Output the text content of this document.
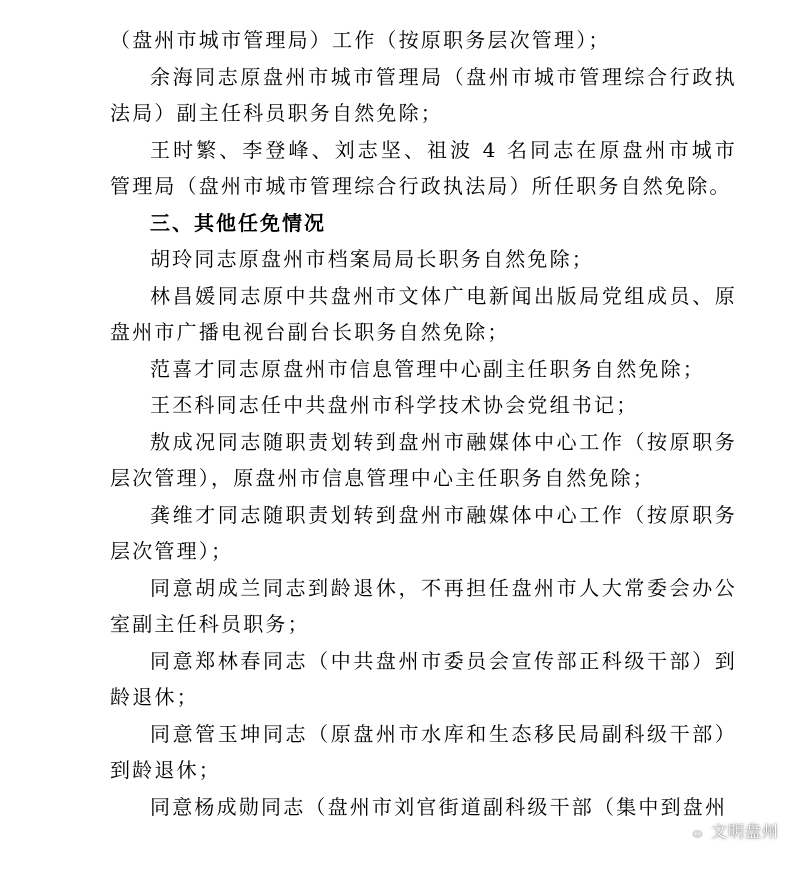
（盘州市城市管理局）工作（按原职务层次管理）；

余海同志原盘州市城市管理局（盘州市城市管理综合行政执法局）副主任科员职务自然免除；

王时繁、李登峰、刘志坚、祖波 4 名同志在原盘州市城市管理局（盘州市城市管理综合行政执法局）所任职务自然免除。

三、其他任免情况

胡玲同志原盘州市档案局局长职务自然免除；

林昌媛同志原中共盘州市文体广电新闻出版局党组成员、原盘州市广播电视台副台长职务自然免除；

范喜才同志原盘州市信息管理中心副主任职务自然免除；

王丕科同志任中共盘州市科学技术协会党组书记；

敖成况同志随职责划转到盘州市融媒体中心工作（按原职务层次管理），原盘州市信息管理中心主任职务自然免除；

龚维才同志随职责划转到盘州市融媒体中心工作（按原职务层次管理）；

同意胡成兰同志到龄退休，不再担任盘州市人大常委会办公室副主任科员职务；

同意郑林春同志（中共盘州市委员会宣传部正科级干部）到龄退休；

同意管玉坤同志（原盘州市水库和生态移民局副科级干部）到龄退休；

同意杨成勋同志（盘州市刘官街道副科级干部（集中到盘州

文明盘州
